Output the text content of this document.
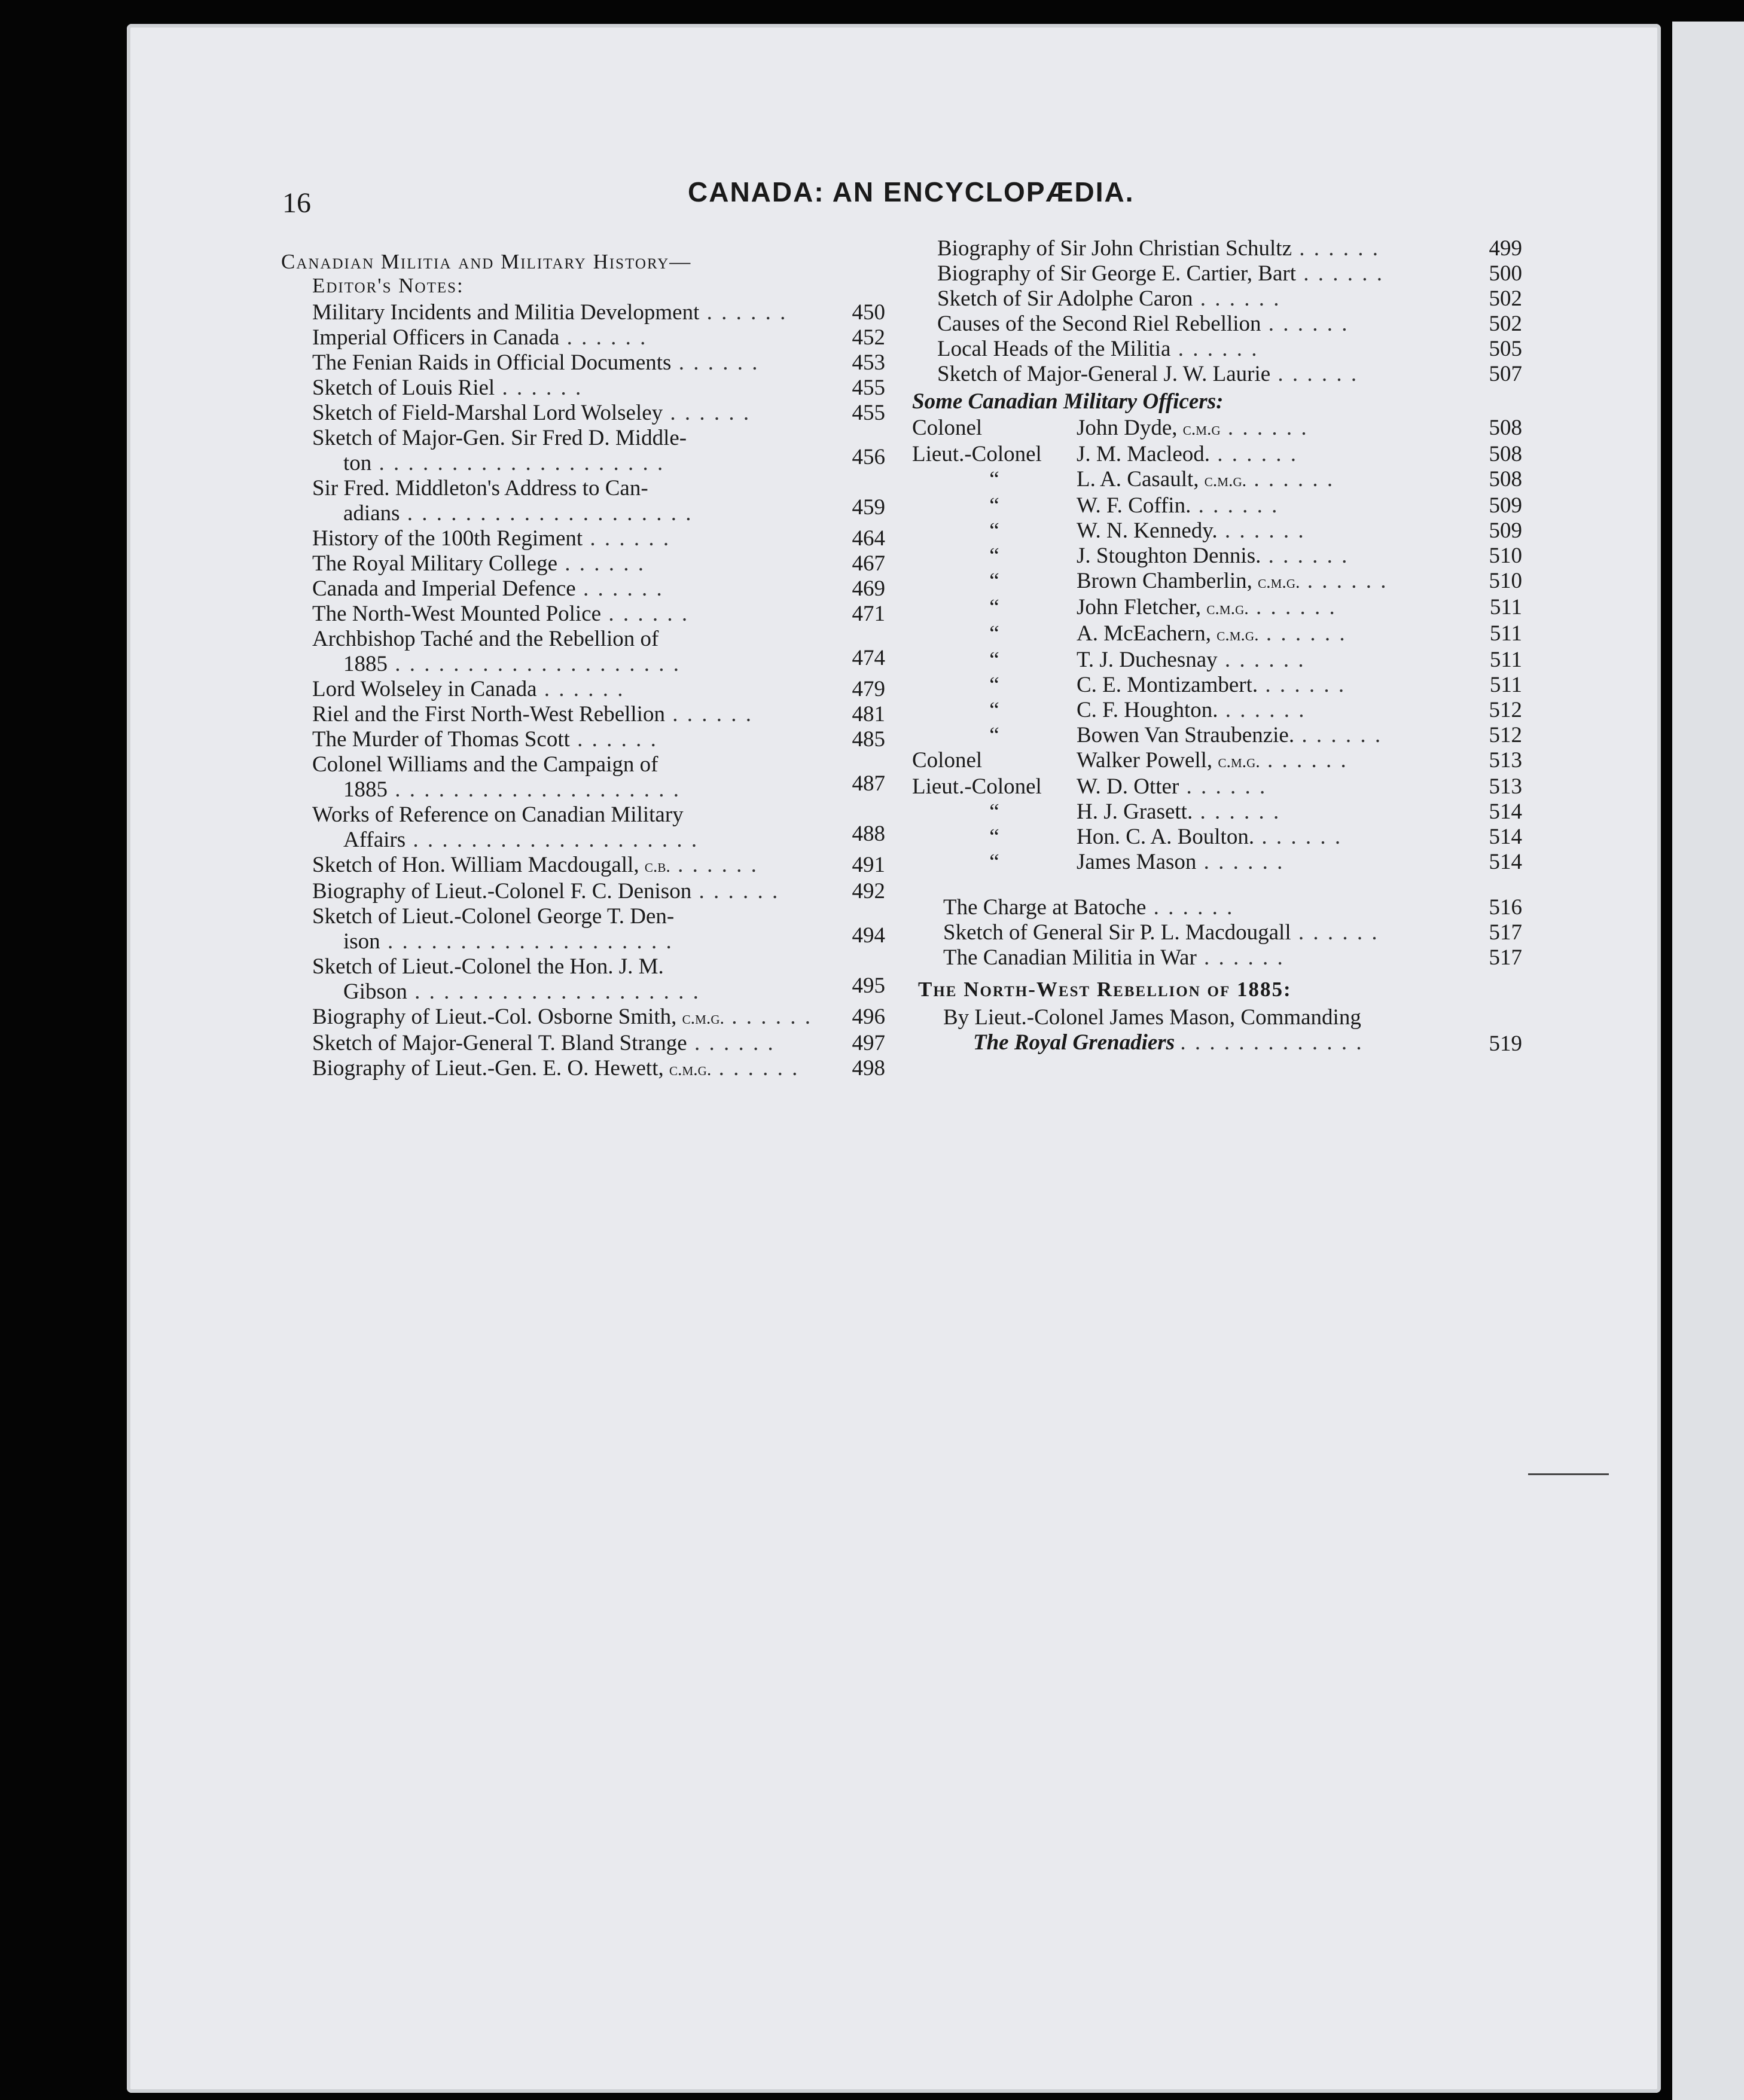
16	CANADA: AN ENCYCLOPÆDIA.
Canadian Militia and Military History—
Editor's Notes:
Military Incidents and Militia Development . . . . . .	450
Imperial Officers in Canada . . . . . .	452
The Fenian Raids in Official Documents . . . . . .	453
Sketch of Louis Riel . . . . . .	455
Sketch of Field-Marshal Lord Wolseley . . . . . .	455
Sketch of Major-Gen. Sir Fred D. Middle-
ton . . . . . . . . . . . . . . . . . . . .	456
Sir Fred. Middleton's Address to Can-
adians . . . . . . . . . . . . . . . . . . . .	459
History of the 100th Regiment . . . . . .	464
The Royal Military College . . . . . .	467
Canada and Imperial Defence . . . . . .	469
The North-West Mounted Police . . . . . .	471
Archbishop Taché and the Rebellion of
1885 . . . . . . . . . . . . . . . . . . . .	474
Lord Wolseley in Canada . . . . . .	479
Riel and the First North-West Rebellion . . . . . .	481
The Murder of Thomas Scott . . . . . .	485
Colonel Williams and the Campaign of
1885 . . . . . . . . . . . . . . . . . . . .	487
Works of Reference on Canadian Military
Affairs . . . . . . . . . . . . . . . . . . . .	488
Sketch of Hon. William Macdougall, c.b. . . . . . .	491
Biography of Lieut.-Colonel F. C. Denison . . . . . .	492
Sketch of Lieut.-Colonel George T. Den-
ison . . . . . . . . . . . . . . . . . . . .	494
Sketch of Lieut.-Colonel the Hon. J. M.
Gibson . . . . . . . . . . . . . . . . . . . .	495
Biography of Lieut.-Col. Osborne Smith, c.m.g. . . . . . .	496
Sketch of Major-General T. Bland Strange . . . . . .	497
Biography of Lieut.-Gen. E. O. Hewett, c.m.g. . . . . . .	498
Biography of Sir John Christian Schultz . . . . . .	499
Biography of Sir George E. Cartier, Bart . . . . . .	500
Sketch of Sir Adolphe Caron . . . . . .	502
Causes of the Second Riel Rebellion . . . . . .	502
Local Heads of the Militia . . . . . .	505
Sketch of Major-General J. W. Laurie . . . . . .	507
Some Canadian Military Officers:
Colonel	John Dyde, c.m.g . . . . . .	508
Lieut.-Colonel J. M. Macleod. . . . . . .	508
“	L. A. Casault, c.m.g. . . . . . .	508
“	W. F. Coffin. . . . . . .	509
“	W. N. Kennedy. . . . . . .	509
“	J. Stoughton Dennis. . . . . . .	510
“	Brown Chamberlin, c.m.g. . . . . . .	510
“	John Fletcher, c.m.g. . . . . . .	511
“	A. McEachern, c.m.g. . . . . . .	511
“	T. J. Duchesnay . . . . . .	511
“	C. E. Montizambert. . . . . . .	511
“	C. F. Houghton. . . . . . .	512
“	Bowen Van Straubenzie. . . . . . .	512
Colonel	Walker Powell, c.m.g. . . . . . .	513
Lieut.-Colonel W. D. Otter . . . . . .	513
“	H. J. Grasett. . . . . . .	514
“	Hon. C. A. Boulton. . . . . . .	514
“	James Mason . . . . . .	514
The Charge at Batoche . . . . . .	516
Sketch of General Sir P. L. Macdougall . . . . . .	517
The Canadian Militia in War . . . . . .	517
The North-West Rebellion of 1885:
By Lieut.-Colonel James Mason, Commanding
The Royal Grenadiers . . . . . . . . . . . . .	519
